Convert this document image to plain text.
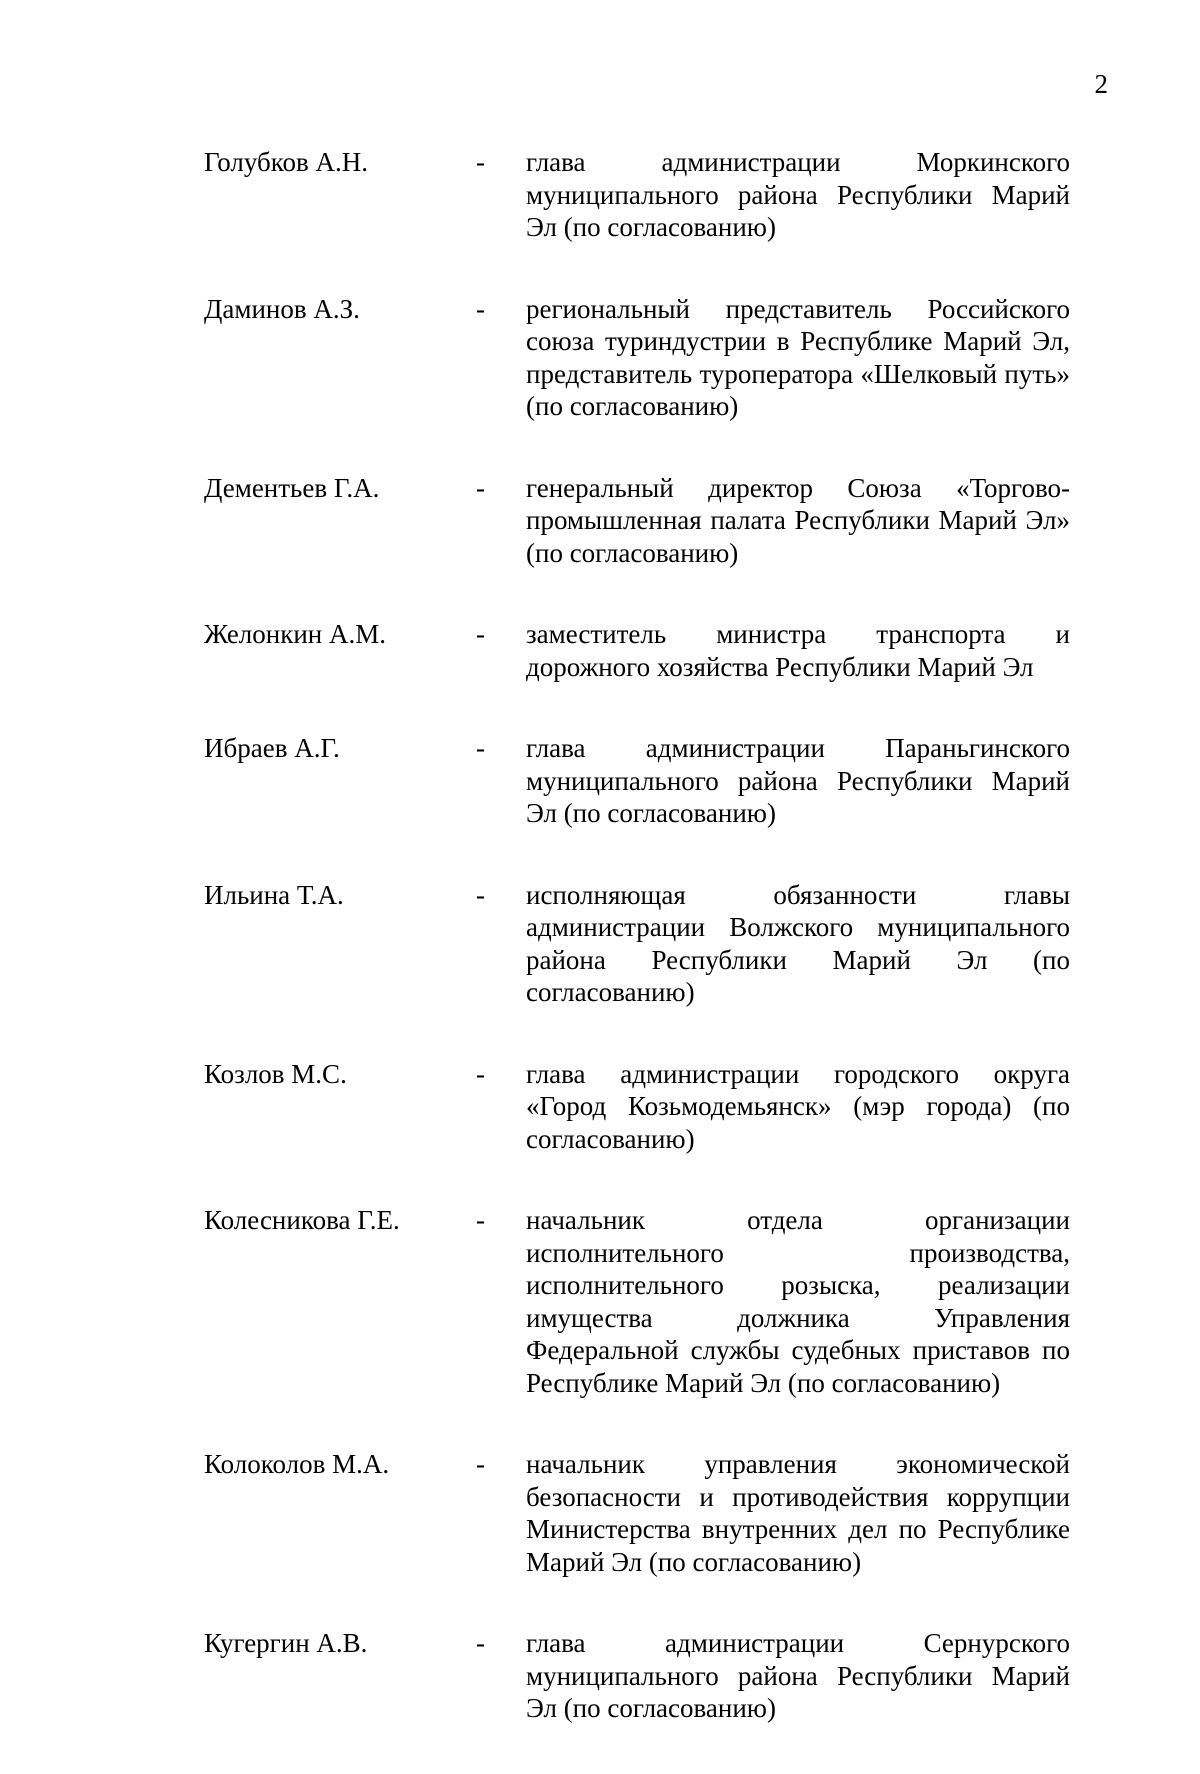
2
Голубков А.Н.	-	глава администрации Моркинского муниципального района Республики Марий Эл (по согласованию)
Даминов А.З.	-	региональный представитель Российского союза туриндустрии в Республике Марий Эл, представитель туроператора «Шелковый путь» (по согласованию)
Дементьев Г.А.	-	генеральный директор Союза «Торгово-промышленная палата Республики Марий Эл» (по согласованию)
Желонкин А.М.	-	заместитель министра транспорта и дорожного хозяйства Республики Марий Эл
Ибраев А.Г.	-	глава администрации Параньгинского муниципального района Республики Марий Эл (по согласованию)
Ильина Т.А.	-	исполняющая обязанности главы администрации Волжского муниципального района Республики Марий Эл (по согласованию)
Козлов М.С.	-	глава администрации городского округа «Город Козьмодемьянск» (мэр города) (по согласованию)
Колесникова Г.Е.	-	начальник отдела организации исполнительного производства, исполнительного розыска, реализации имущества должника Управления Федеральной службы судебных приставов по Республике Марий Эл (по согласованию)
Колоколов М.А.	-	начальник управления экономической безопасности и противодействия коррупции Министерства внутренних дел по Республике Марий Эл (по согласованию)
Кугергин А.В.	-	глава администрации Сернурского муниципального района Республики Марий Эл (по согласованию)
